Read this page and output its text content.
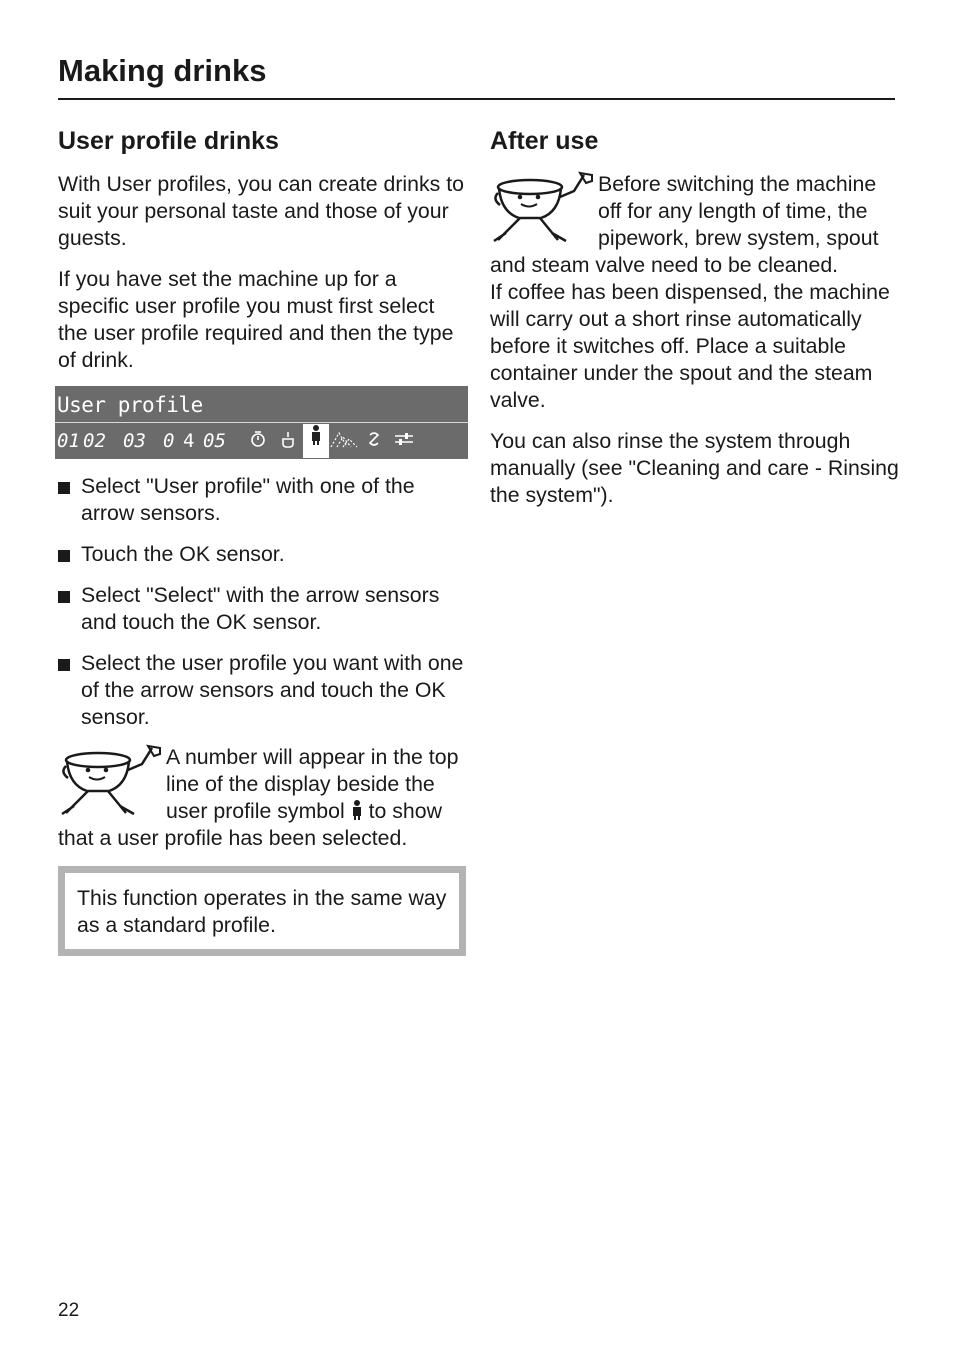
Making drinks
User profile drinks

With User profiles, you can create drinks to suit your personal taste and those of your guests.

If you have set the machine up for a specific user profile you must first select the user profile required and then the type of drink.

User profile
01 02 03 0 4 05
Select "User profile" with one of the arrow sensors.
Touch the OK sensor.
Select "Select" with the arrow sensors and touch the OK sensor.
Select the user profile you want with one of the arrow sensors and touch the OK sensor.
A number will appear in the top line of the display beside the user profile symbol  to show that a user profile has been selected.

This function operates in the same way as a standard profile.

After use
Before switching the machine off for any length of time, the pipework, brew system, spout and steam valve need to be cleaned.

If coffee has been dispensed, the machine will carry out a short rinse automatically before it switches off. Place a suitable container under the spout and the steam valve.

You can also rinse the system through manually (see "Cleaning and care - Rinsing the system").

22
